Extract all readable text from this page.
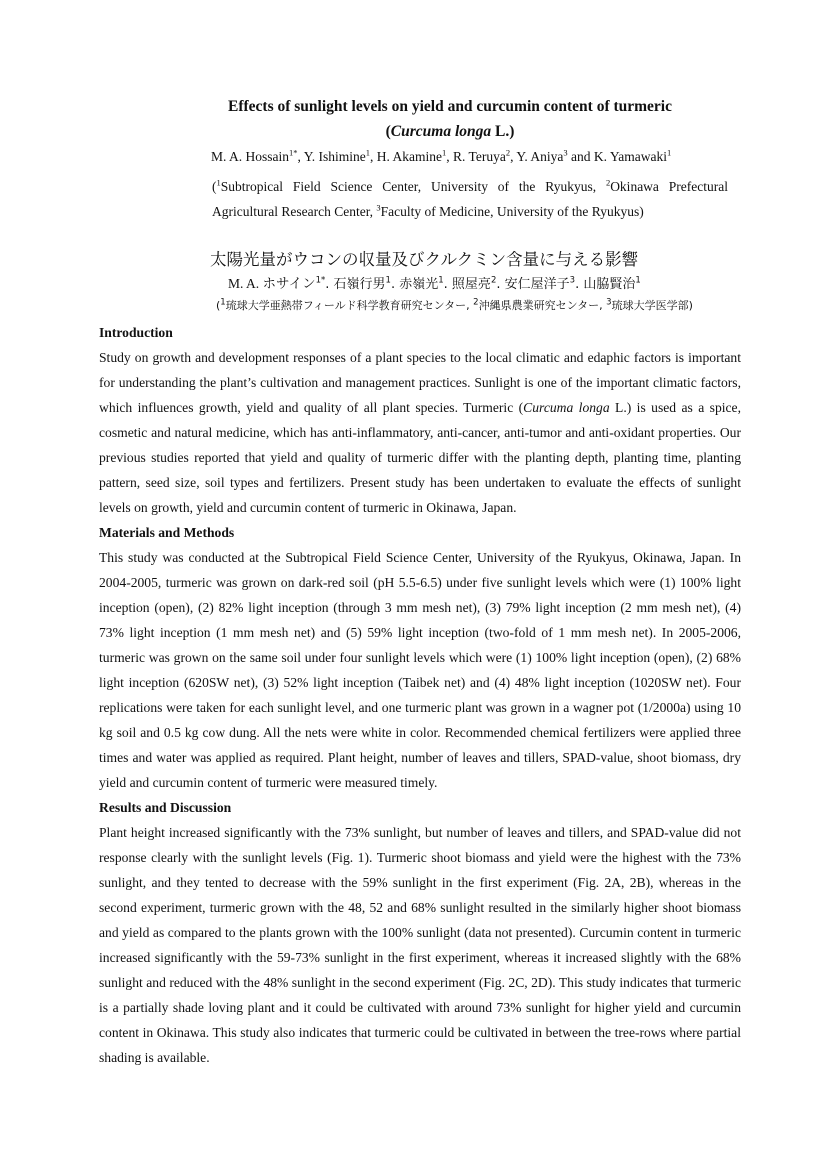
Effects of sunlight levels on yield and curcumin content of turmeric
(Curcuma longa L.)
M. A. Hossain$^{1*}$, Y. Ishimine$^1$, H. Akamine$^1$, R. Teruya$^2$, Y. Aniya$^3$ and K. Yamawaki$^1$
($^1$Subtropical Field Science Center, University of the Ryukyus, $^2$Okinawa Prefectural Agricultural Research Center, $^3$Faculty of Medicine, University of the Ryukyus)
太陽光量がウコンの収量及びクルクミン含量に与える影響
M. A. ホサイン$^{1*}$. 石嶺行男$^1$. 赤嶺光$^1$. 照屋亮$^2$. 安仁屋洋子$^3$. 山脇賢治$^1$
($^1$琉球大学亜熱帯フィールド科学教育研究センター, $^2$沖縄県農業研究センター, $^3$琉球大学医学部)
Introduction

Study on growth and development responses of a plant species to the local climatic and edaphic factors is important for understanding the plant’s cultivation and management practices. Sunlight is one of the important climatic factors, which influences growth, yield and quality of all plant species. Turmeric (Curcuma longa L.) is used as a spice, cosmetic and natural medicine, which has anti-inflammatory, anti-cancer, anti-tumor and anti-oxidant properties. Our previous studies reported that yield and quality of turmeric differ with the planting depth, planting time, planting pattern, seed size, soil types and fertilizers. Present study has been undertaken to evaluate the effects of sunlight levels on growth, yield and curcumin content of turmeric in Okinawa, Japan.

Materials and Methods

This study was conducted at the Subtropical Field Science Center, University of the Ryukyus, Okinawa, Japan. In 2004-2005, turmeric was grown on dark-red soil (pH 5.5-6.5) under five sunlight levels which were (1) 100% light inception (open), (2) 82% light inception (through 3 mm mesh net), (3) 79% light inception (2 mm mesh net), (4) 73% light inception (1 mm mesh net) and (5) 59% light inception (two-fold of 1 mm mesh net). In 2005-2006, turmeric was grown on the same soil under four sunlight levels which were (1) 100% light inception (open), (2) 68% light inception (620SW net), (3) 52% light inception (Taibek net) and (4) 48% light inception (1020SW net). Four replications were taken for each sunlight level, and one turmeric plant was grown in a wagner pot (1/2000a) using 10 kg soil and 0.5 kg cow dung. All the nets were white in color. Recommended chemical fertilizers were applied three times and water was applied as required. Plant height, number of leaves and tillers, SPAD-value, shoot biomass, dry yield and curcumin content of turmeric were measured timely.

Results and Discussion

Plant height increased significantly with the 73% sunlight, but number of leaves and tillers, and SPAD-value did not response clearly with the sunlight levels (Fig. 1). Turmeric shoot biomass and yield were the highest with the 73% sunlight, and they tented to decrease with the 59% sunlight in the first experiment (Fig. 2A, 2B), whereas in the second experiment, turmeric grown with the 48, 52 and 68% sunlight resulted in the similarly higher shoot biomass and yield as compared to the plants grown with the 100% sunlight (data not presented). Curcumin content in turmeric increased significantly with the 59-73% sunlight in the first experiment, whereas it increased slightly with the 68% sunlight and reduced with the 48% sunlight in the second experiment (Fig. 2C, 2D). This study indicates that turmeric is a partially shade loving plant and it could be cultivated with around 73% sunlight for higher yield and curcumin content in Okinawa. This study also indicates that turmeric could be cultivated in between the tree-rows where partial shading is available.
